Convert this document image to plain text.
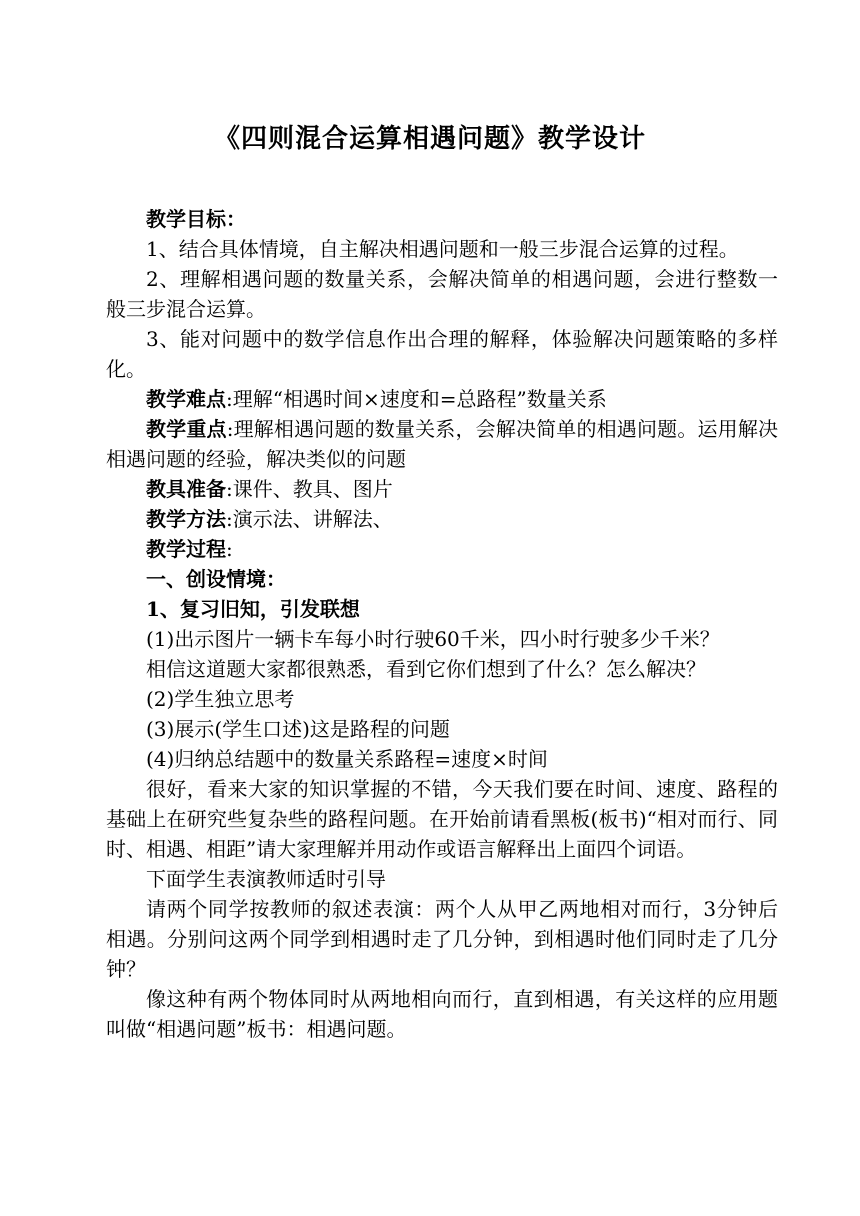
《四则混合运算相遇问题》教学设计

教学目标：

1、结合具体情境，自主解决相遇问题和一般三步混合运算的过程。

2、理解相遇问题的数量关系，会解决简单的相遇问题，会进行整数一般三步混合运算。

3、能对问题中的数学信息作出合理的解释，体验解决问题策略的多样化。

教学难点:理解“相遇时间×速度和=总路程”数量关系

教学重点:理解相遇问题的数量关系，会解决简单的相遇问题。运用解决相遇问题的经验，解决类似的问题

教具准备:课件、教具、图片

教学方法:演示法、讲解法、

教学过程:

一、创设情境：

1、复习旧知，引发联想

(1)出示图片一辆卡车每小时行驶60千米，四小时行驶多少千米？

相信这道题大家都很熟悉，看到它你们想到了什么？怎么解决？

(2)学生独立思考

(3)展示(学生口述)这是路程的问题

(4)归纳总结题中的数量关系路程=速度×时间

很好，看来大家的知识掌握的不错，今天我们要在时间、速度、路程的基础上在研究些复杂些的路程问题。在开始前请看黑板(板书)“相对而行、同时、相遇、相距”请大家理解并用动作或语言解释出上面四个词语。

下面学生表演教师适时引导

请两个同学按教师的叙述表演：两个人从甲乙两地相对而行，3分钟后相遇。分别问这两个同学到相遇时走了几分钟，到相遇时他们同时走了几分钟？

像这种有两个物体同时从两地相向而行，直到相遇，有关这样的应用题叫做“相遇问题”板书：相遇问题。
